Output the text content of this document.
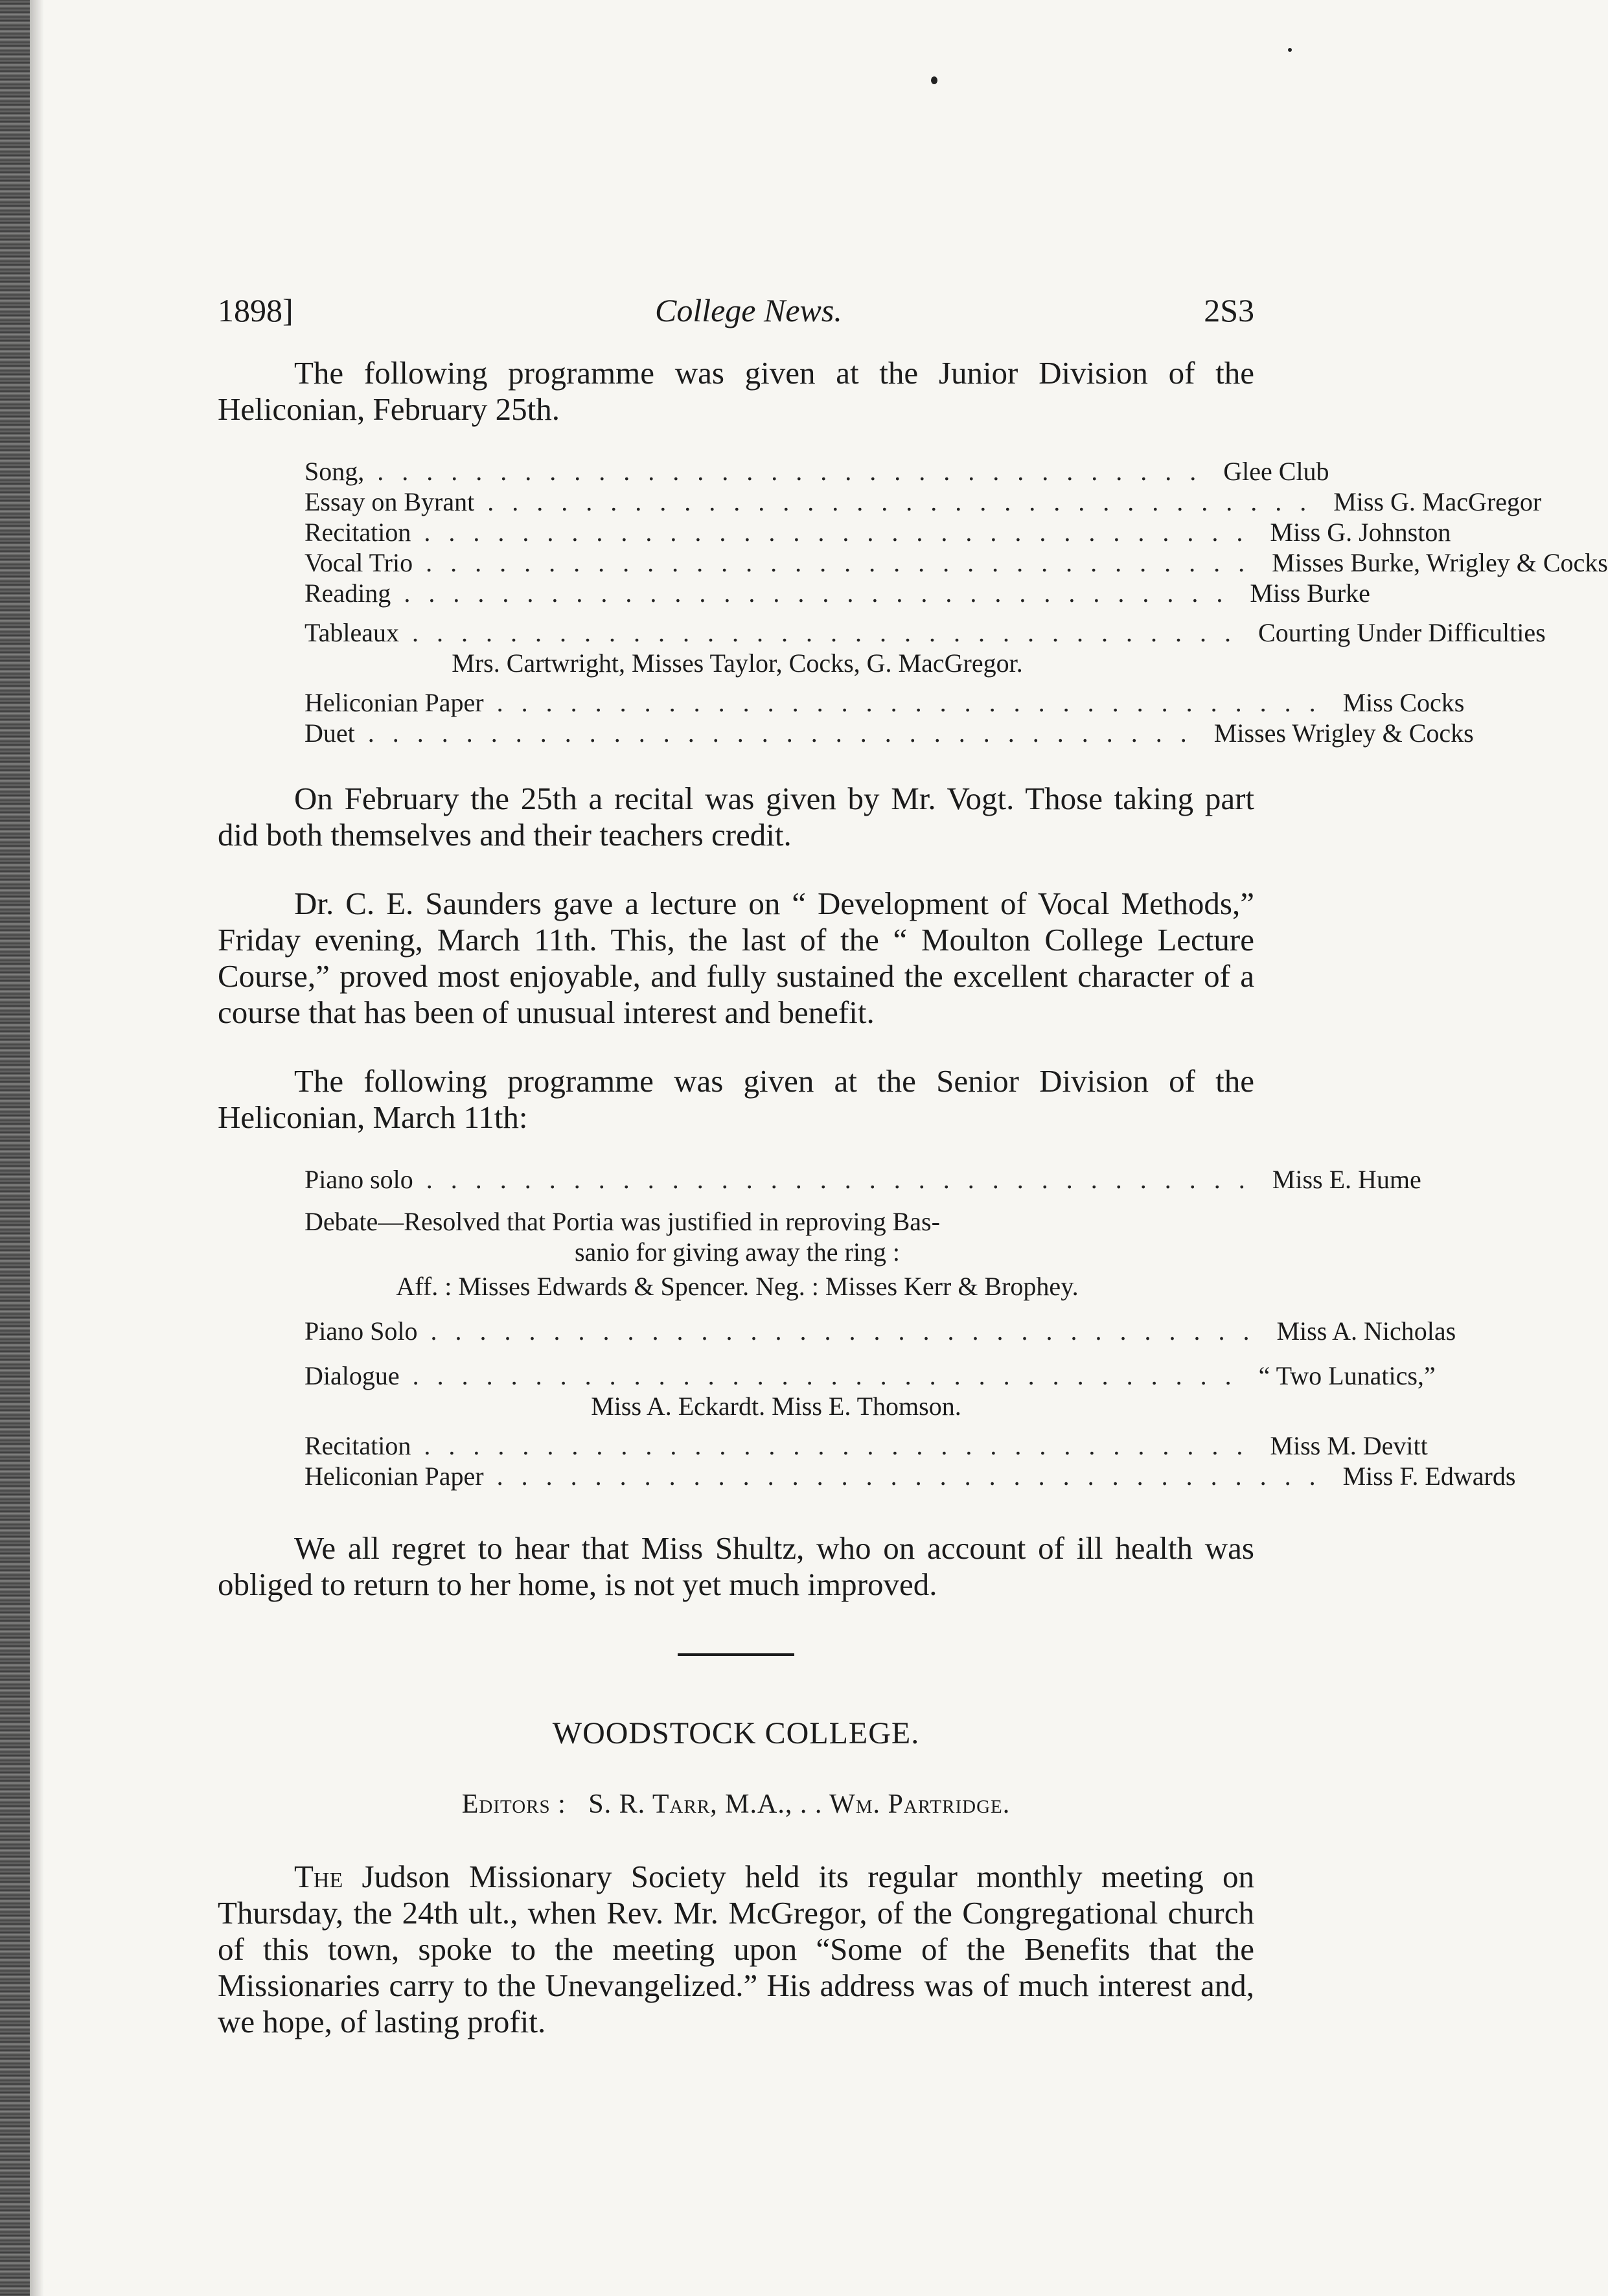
1898]	College News.	2S3

The following programme was given at the Junior Division of the Heliconian, February 25th.

Song, .................................. Glee Club
Essay on Byrant .................................. Miss G. MacGregor
Recitation .................................. Miss G. Johnston
Vocal Trio .................................. Misses Burke, Wrigley & Cocks
Reading .................................. Miss Burke
Tableaux .................................. Courting Under Difficulties
Mrs. Cartwright, Misses Taylor, Cocks, G. MacGregor.
Heliconian Paper .................................. Miss Cocks
Duet .................................. Misses Wrigley & Cocks

On February the 25th a recital was given by Mr. Vogt. Those taking part did both themselves and their teachers credit.

Dr. C. E. Saunders gave a lecture on “ Development of Vocal Methods,” Friday evening, March 11th. This, the last of the “ Moulton College Lecture Course,” proved most enjoyable, and fully sustained the excellent character of a course that has been of unusual interest and benefit.

The following programme was given at the Senior Division of the Heliconian, March 11th:

Piano solo .................................. Miss E. Hume
Debate—Resolved that Portia was justified in reproving Bas-
sanio for giving away the ring :
Aff. : Misses Edwards & Spencer. Neg. : Misses Kerr & Brophey.
Piano Solo .................................. Miss A. Nicholas
Dialogue .................................. “ Two Lunatics,”
Miss A. Eckardt. Miss E. Thomson.
Recitation .................................. Miss M. Devitt
Heliconian Paper .................................. Miss F. Edwards

We all regret to hear that Miss Shultz, who on account of ill health was obliged to return to her home, is not yet much improved.

WOODSTOCK COLLEGE.
Editors : S. R. Tarr, M.A., . . Wm. Partridge.

The Judson Missionary Society held its regular monthly meeting on Thursday, the 24th ult., when Rev. Mr. McGregor, of the Congregational church of this town, spoke to the meeting upon “Some of the Benefits that the Missionaries carry to the Unevangelized.” His address was of much interest and, we hope, of lasting profit.
